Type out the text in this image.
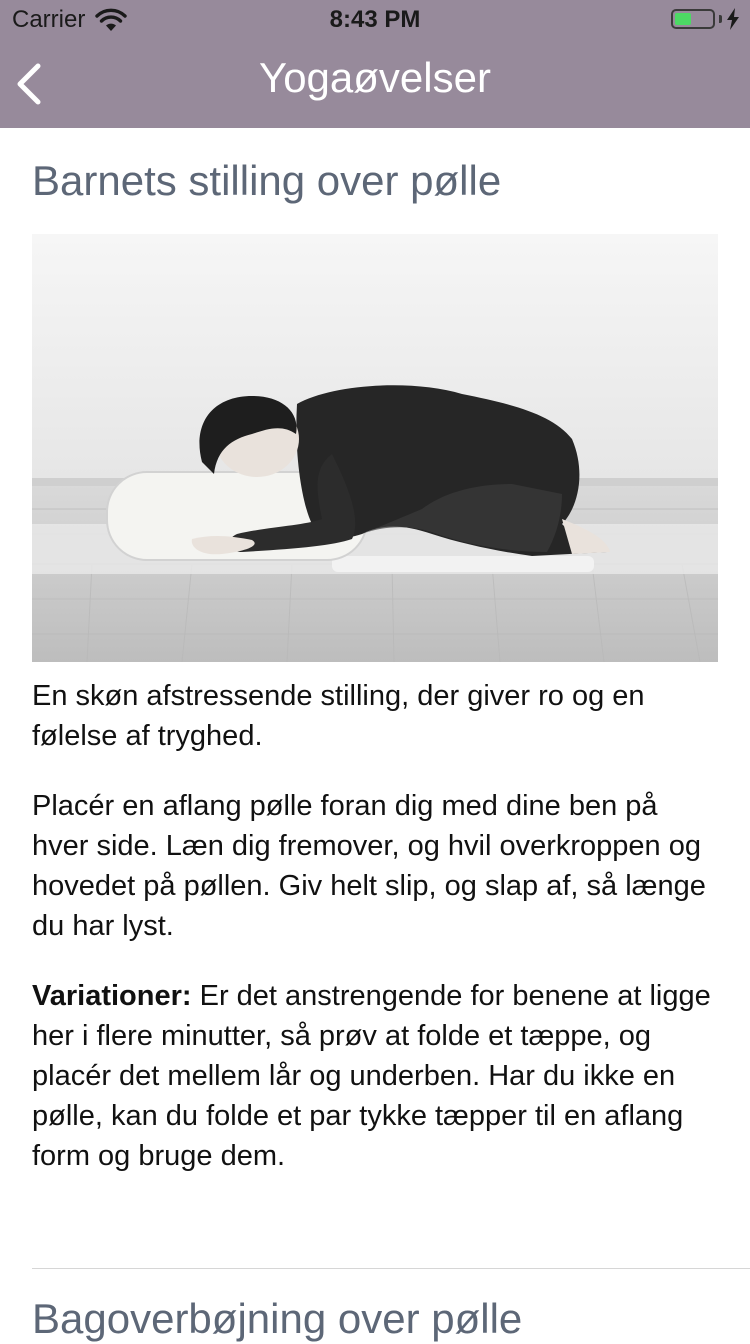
Carrier	8:43 PM
Yogaøvelser
Barnets stilling over pølle

En skøn afstressende stilling, der giver ro og en følelse af tryghed.

Placér en aflang pølle foran dig med dine ben på hver side. Læn dig fremover, og hvil overkroppen og hovedet på pøllen. Giv helt slip, og slap af, så længe du har lyst.

Variationer: Er det anstrengende for benene at ligge her i flere minutter, så prøv at folde et tæppe, og placér det mellem lår og underben. Har du ikke en pølle, kan du folde et par tykke tæpper til en aflang form og bruge dem.

Bagoverbøjning over pølle
